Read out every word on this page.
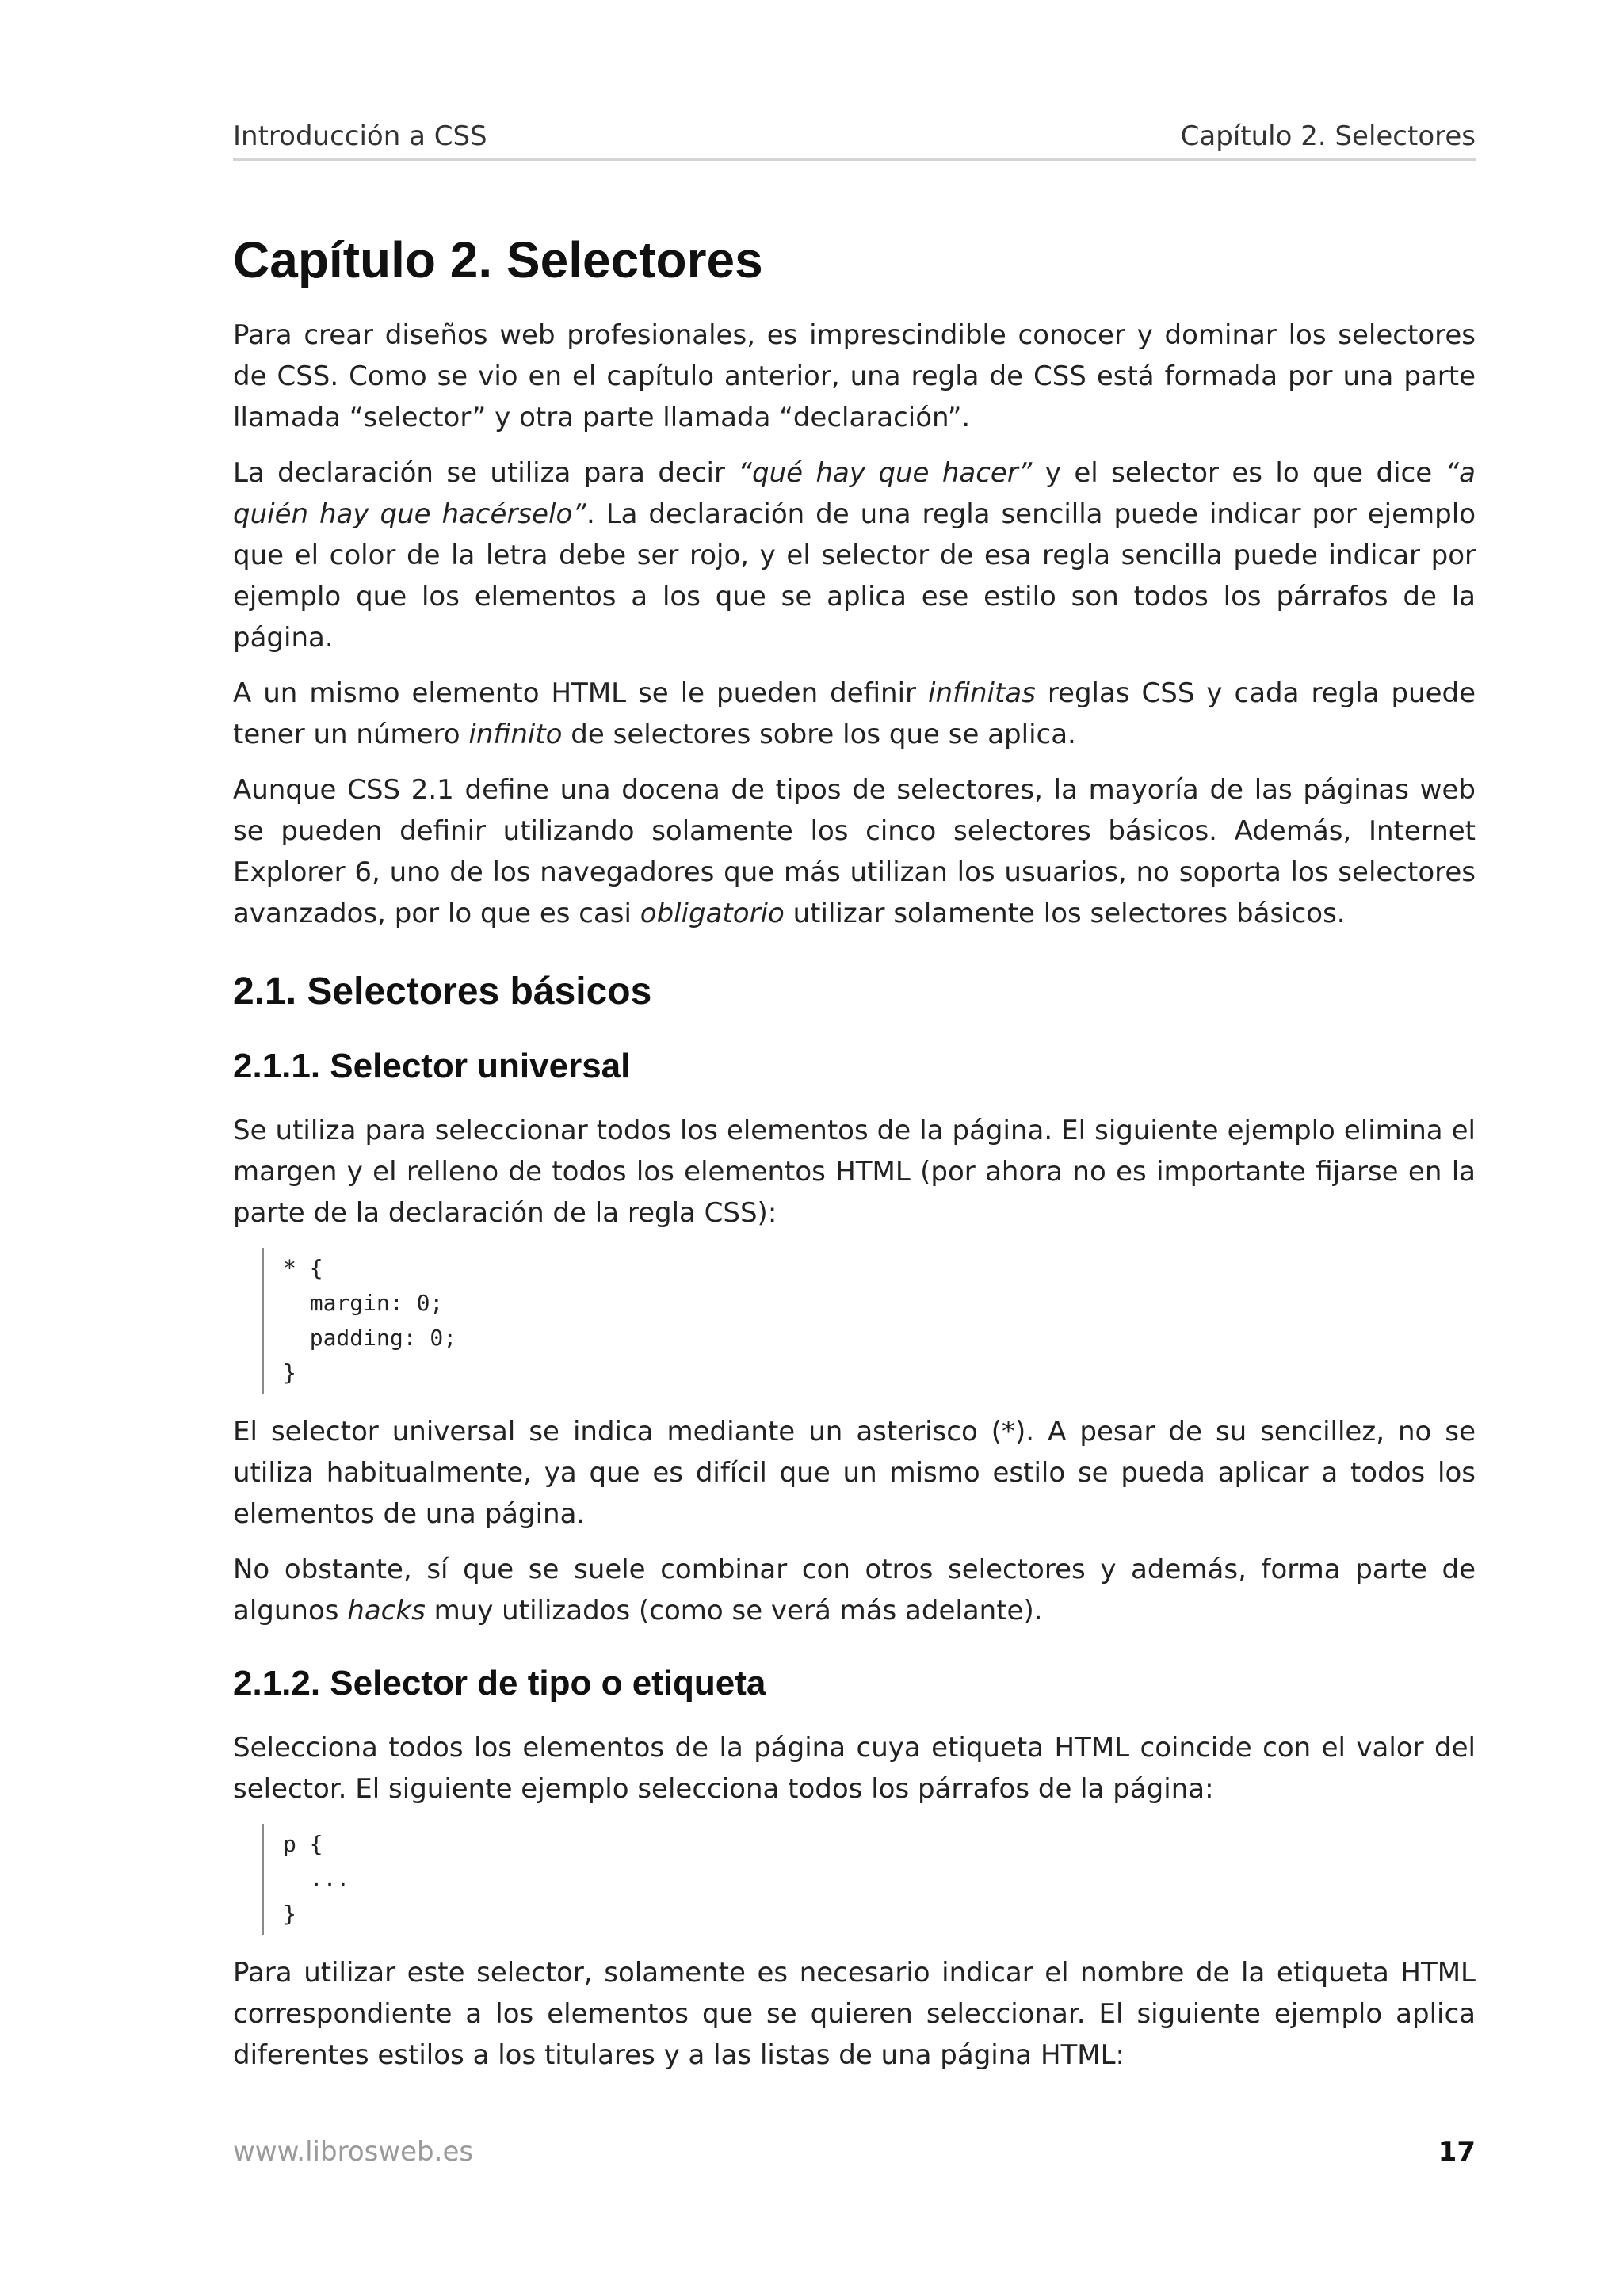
Introducción a CSS	Capítulo 2. Selectores
Capítulo 2. Selectores

Para crear diseños web profesionales, es imprescindible conocer y dominar los selectores de CSS. Como se vio en el capítulo anterior, una regla de CSS está formada por una parte llamada “selector” y otra parte llamada “declaración”.

La declaración se utiliza para decir “qué hay que hacer” y el selector es lo que dice “a quién hay que hacérselo”. La declaración de una regla sencilla puede indicar por ejemplo que el color de la letra debe ser rojo, y el selector de esa regla sencilla puede indicar por ejemplo que los elementos a los que se aplica ese estilo son todos los párrafos de la página.

A un mismo elemento HTML se le pueden definir infinitas reglas CSS y cada regla puede tener un número infinito de selectores sobre los que se aplica.

Aunque CSS 2.1 define una docena de tipos de selectores, la mayoría de las páginas web se pueden definir utilizando solamente los cinco selectores básicos. Además, Internet Explorer 6, uno de los navegadores que más utilizan los usuarios, no soporta los selectores avanzados, por lo que es casi obligatorio utilizar solamente los selectores básicos.

2.1. Selectores básicos
2.1.1. Selector universal

Se utiliza para seleccionar todos los elementos de la página. El siguiente ejemplo elimina el margen y el relleno de todos los elementos HTML (por ahora no es importante fijarse en la parte de la declaración de la regla CSS):

* {
margin: 0;
padding: 0;
}

El selector universal se indica mediante un asterisco (*). A pesar de su sencillez, no se utiliza habitualmente, ya que es difícil que un mismo estilo se pueda aplicar a todos los elementos de una página.

No obstante, sí que se suele combinar con otros selectores y además, forma parte de algunos hacks muy utilizados (como se verá más adelante).

2.1.2. Selector de tipo o etiqueta

Selecciona todos los elementos de la página cuya etiqueta HTML coincide con el valor del selector. El siguiente ejemplo selecciona todos los párrafos de la página:

p {
...
}

Para utilizar este selector, solamente es necesario indicar el nombre de la etiqueta HTML correspondiente a los elementos que se quieren seleccionar. El siguiente ejemplo aplica diferentes estilos a los titulares y a las listas de una página HTML:

www.librosweb.es	17
